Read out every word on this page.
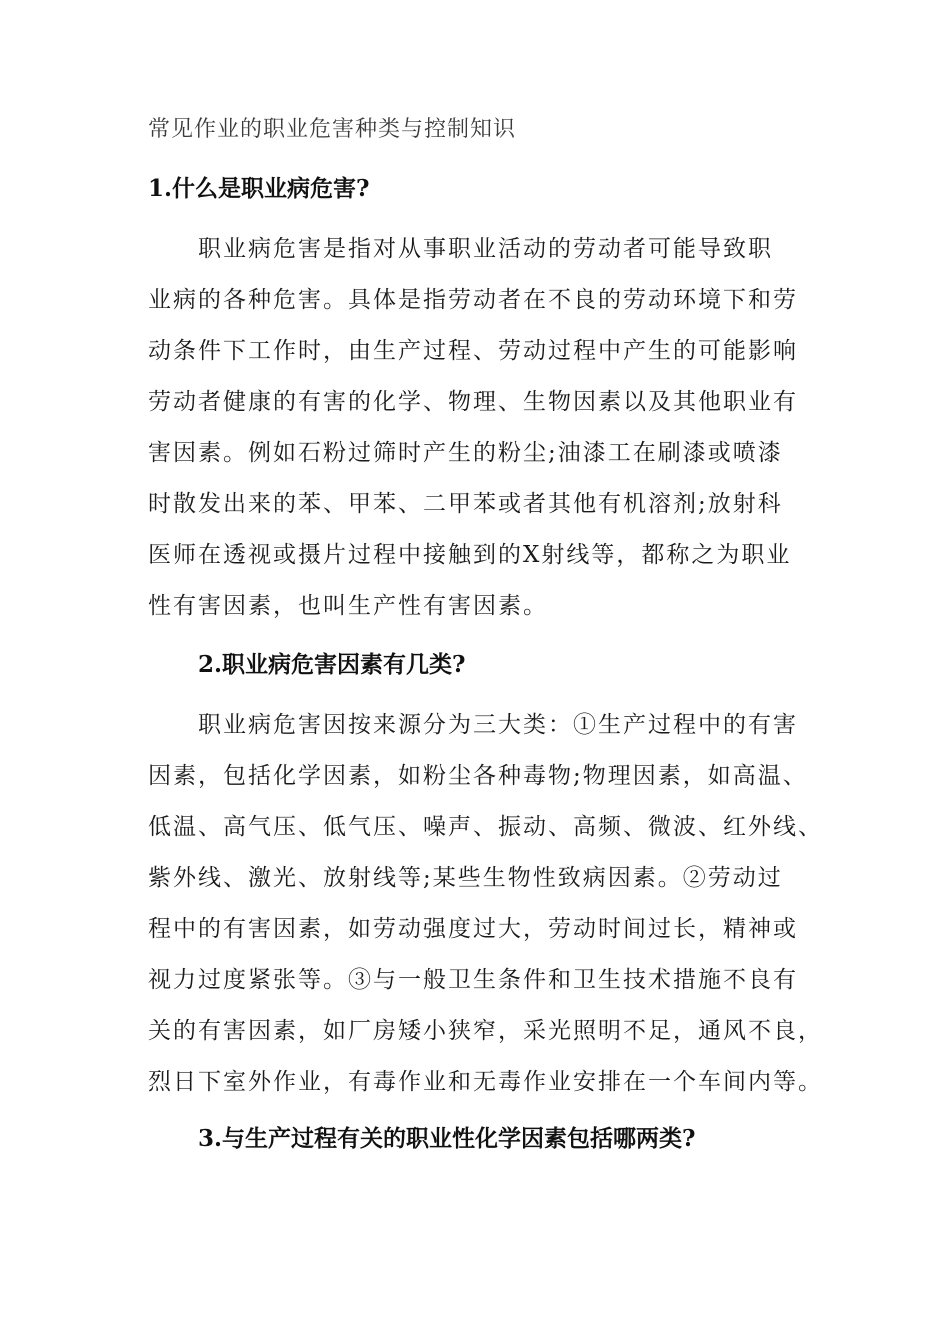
常见作业的职业危害种类与控制知识
1.什么是职业病危害?
职业病危害是指对从事职业活动的劳动者可能导致职
业病的各种危害。具体是指劳动者在不良的劳动环境下和劳
动条件下工作时，由生产过程、劳动过程中产生的可能影响
劳动者健康的有害的化学、物理、生物因素以及其他职业有
害因素。例如石粉过筛时产生的粉尘;油漆工在刷漆或喷漆
时散发出来的苯、甲苯、二甲苯或者其他有机溶剂;放射科
医师在透视或摄片过程中接触到的X射线等，都称之为职业
性有害因素，也叫生产性有害因素。
2.职业病危害因素有几类?
职业病危害因按来源分为三大类：①生产过程中的有害
因素，包括化学因素，如粉尘各种毒物;物理因素，如高温、
低温、高气压、低气压、噪声、振动、高频、微波、红外线、
紫外线、激光、放射线等;某些生物性致病因素。②劳动过
程中的有害因素，如劳动强度过大，劳动时间过长，精神或
视力过度紧张等。③与一般卫生条件和卫生技术措施不良有
关的有害因素，如厂房矮小狭窄，采光照明不足，通风不良，
烈日下室外作业，有毒作业和无毒作业安排在一个车间内等。
3.与生产过程有关的职业性化学因素包括哪两类?
